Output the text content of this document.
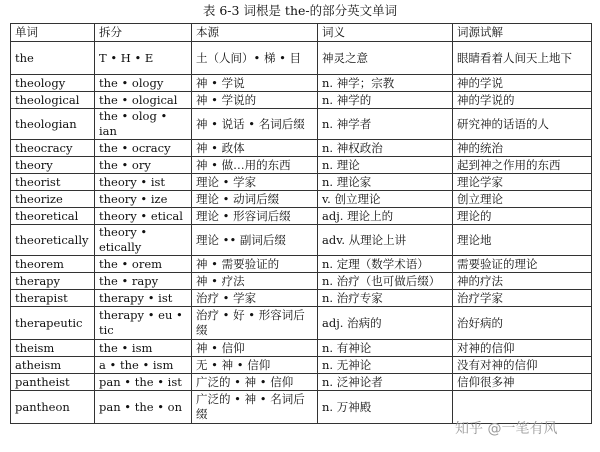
表 6-3 词根是 the-的部分英文单词
单词	拆分	本源	词义	词源试解
the	T • H • E	土（人间）• 梯 • 目	神灵之意	眼睛看着人间天上地下
theology	the • ology	神 • 学说	n. 神学；宗教	神的学说
theological	the • ological	神 • 学说的	n. 神学的	神的学说的
theologian	the • olog • ian	神 • 说话 • 名词后缀	n. 神学者	研究神的话语的人
theocracy	the • ocracy	神 • 政体	n. 神权政治	神的统治
theory	the • ory	神 • 做…用的东西	n. 理论	起到神之作用的东西
theorist	theory • ist	理论 • 学家	n. 理论家	理论学家
theorize	theory • ize	理论 • 动词后缀	v. 创立理论	创立理论
theoretical	theory • etical	理论 • 形容词后缀	adj. 理论上的	理论的
theoretically	theory • etically	理论 •• 副词后缀	adv. 从理论上讲	理论地
theorem	the • orem	神 • 需要验证的	n. 定理（数学术语）	需要验证的理论
therapy	the • rapy	神 • 疗法	n. 治疗（也可做后缀）	神的疗法
therapist	therapy • ist	治疗 • 学家	n. 治疗专家	治疗学家
therapeutic	therapy • eu • tic	治疗 • 好 • 形容词后缀	adj. 治病的	治好病的
theism	the • ism	神 • 信仰	n. 有神论	对神的信仰
atheism	a • the • ism	无 • 神 • 信仰	n. 无神论	没有对神的信仰
pantheist	pan • the • ist	广泛的 • 神 • 信仰	n. 泛神论者	信仰很多神
pantheon	pan • the • on	广泛的 • 神 • 名词后缀	n. 万神殿	
知乎 @一笔有风
